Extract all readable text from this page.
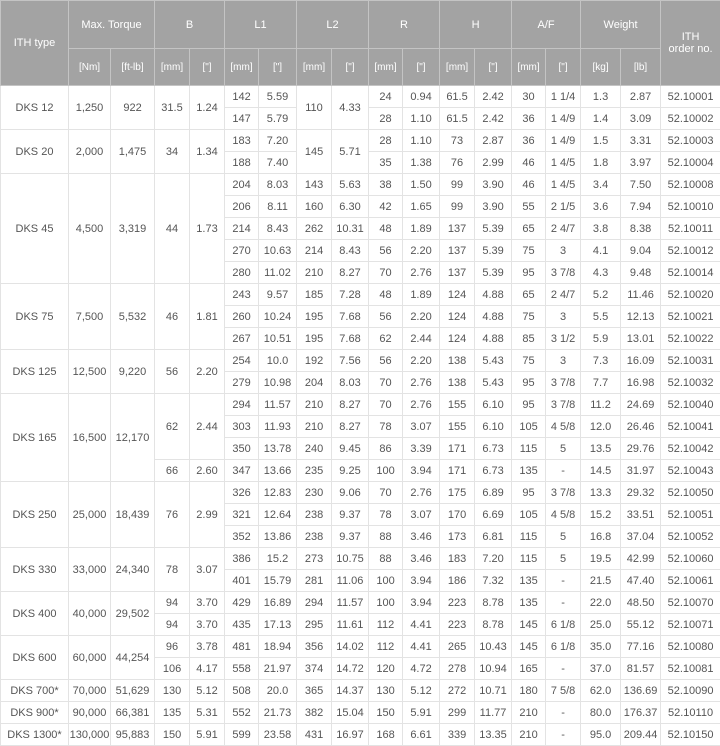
ITH type	Max. Torque		B		L1		L2		R		H		A/F		Weight		ITH
order no.
	[Nm]	[ft-lb]	[mm]	["]	[mm]	["]	[mm]	["]	[mm]	["]	[mm]	["]	[mm]	["]	[kg]	[lb]	
DKS 12	1,250	922	31.5	1.24	142	5.59	110	4.33	24	0.94	61.5	2.42	30	1 1/4	1.3	2.87	52.10001
					147	5.79			28	1.10	61.5	2.42	36	1 4/9	1.4	3.09	52.10002
DKS 20	2,000	1,475	34	1.34	183	7.20	145	5.71	28	1.10	73	2.87	36	1 4/9	1.5	3.31	52.10003
					188	7.40			35	1.38	76	2.99	46	1 4/5	1.8	3.97	52.10004
DKS 45	4,500	3,319	44	1.73	204	8.03	143	5.63	38	1.50	99	3.90	46	1 4/5	3.4	7.50	52.10008
					206	8.11	160	6.30	42	1.65	99	3.90	55	2 1/5	3.6	7.94	52.10010
					214	8.43	262	10.31	48	1.89	137	5.39	65	2 4/7	3.8	8.38	52.10011
					270	10.63	214	8.43	56	2.20	137	5.39	75	3	4.1	9.04	52.10012
					280	11.02	210	8.27	70	2.76	137	5.39	95	3 7/8	4.3	9.48	52.10014
DKS 75	7,500	5,532	46	1.81	243	9.57	185	7.28	48	1.89	124	4.88	65	2 4/7	5.2	11.46	52.10020
					260	10.24	195	7.68	56	2.20	124	4.88	75	3	5.5	12.13	52.10021
					267	10.51	195	7.68	62	2.44	124	4.88	85	3 1/2	5.9	13.01	52.10022
DKS 125	12,500	9,220	56	2.20	254	10.0	192	7.56	56	2.20	138	5.43	75	3	7.3	16.09	52.10031
					279	10.98	204	8.03	70	2.76	138	5.43	95	3 7/8	7.7	16.98	52.10032
DKS 165	16,500	12,170	62	2.44	294	11.57	210	8.27	70	2.76	155	6.10	95	3 7/8	11.2	24.69	52.10040
					303	11.93	210	8.27	78	3.07	155	6.10	105	4 5/8	12.0	26.46	52.10041
					350	13.78	240	9.45	86	3.39	171	6.73	115	5	13.5	29.76	52.10042
			66	2.60	347	13.66	235	9.25	100	3.94	171	6.73	135	-	14.5	31.97	52.10043
DKS 250	25,000	18,439	76	2.99	326	12.83	230	9.06	70	2.76	175	6.89	95	3 7/8	13.3	29.32	52.10050
					321	12.64	238	9.37	78	3.07	170	6.69	105	4 5/8	15.2	33.51	52.10051
					352	13.86	238	9.37	88	3.46	173	6.81	115	5	16.8	37.04	52.10052
DKS 330	33,000	24,340	78	3.07	386	15.2	273	10.75	88	3.46	183	7.20	115	5	19.5	42.99	52.10060
					401	15.79	281	11.06	100	3.94	186	7.32	135	-	21.5	47.40	52.10061
DKS 400	40,000	29,502	94	3.70	429	16.89	294	11.57	100	3.94	223	8.78	135	-	22.0	48.50	52.10070
			94	3.70	435	17.13	295	11.61	112	4.41	223	8.78	145	6 1/8	25.0	55.12	52.10071
DKS 600	60,000	44,254	96	3.78	481	18.94	356	14.02	112	4.41	265	10.43	145	6 1/8	35.0	77.16	52.10080
			106	4.17	558	21.97	374	14.72	120	4.72	278	10.94	165	-	37.0	81.57	52.10081
DKS 700*	70,000	51,629	130	5.12	508	20.0	365	14.37	130	5.12	272	10.71	180	7 5/8	62.0	136.69	52.10090
DKS 900*	90,000	66,381	135	5.31	552	21.73	382	15.04	150	5.91	299	11.77	210	-	80.0	176.37	52.10110
DKS 1300*	130,000	95,883	150	5.91	599	23.58	431	16.97	168	6.61	339	13.35	210	-	95.0	209.44	52.10150
